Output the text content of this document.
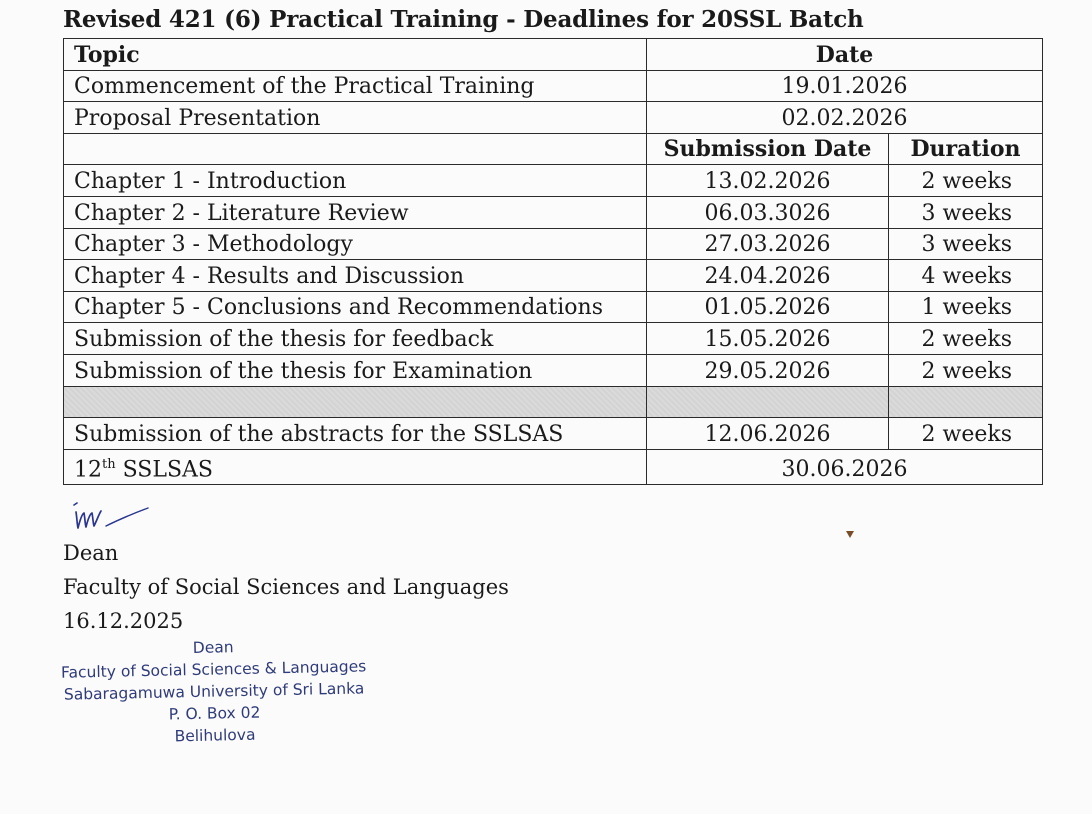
Revised 421 (6) Practical Training - Deadlines for 20SSL Batch
Topic	Date	
Commencement of the Practical Training	19.01.2026	
Proposal Presentation	02.02.2026	
	Submission Date	Duration
Chapter 1 - Introduction	13.02.2026	2 weeks
Chapter 2 - Literature Review	06.03.3026	3 weeks
Chapter 3 - Methodology	27.03.2026	3 weeks
Chapter 4 - Results and Discussion	24.04.2026	4 weeks
Chapter 5 - Conclusions and Recommendations	01.05.2026	1 weeks
Submission of the thesis for feedback	15.05.2026	2 weeks
Submission of the thesis for Examination	29.05.2026	2 weeks

Submission of the abstracts for the SSLSAS	12.06.2026	2 weeks
12th SSLSAS	30.06.2026	
Dean
Faculty of Social Sciences and Languages
16.12.2025
Dean
Faculty of Social Sciences & Languages
Sabaragamuwa University of Sri Lanka
P. O. Box 02
Belihulova
